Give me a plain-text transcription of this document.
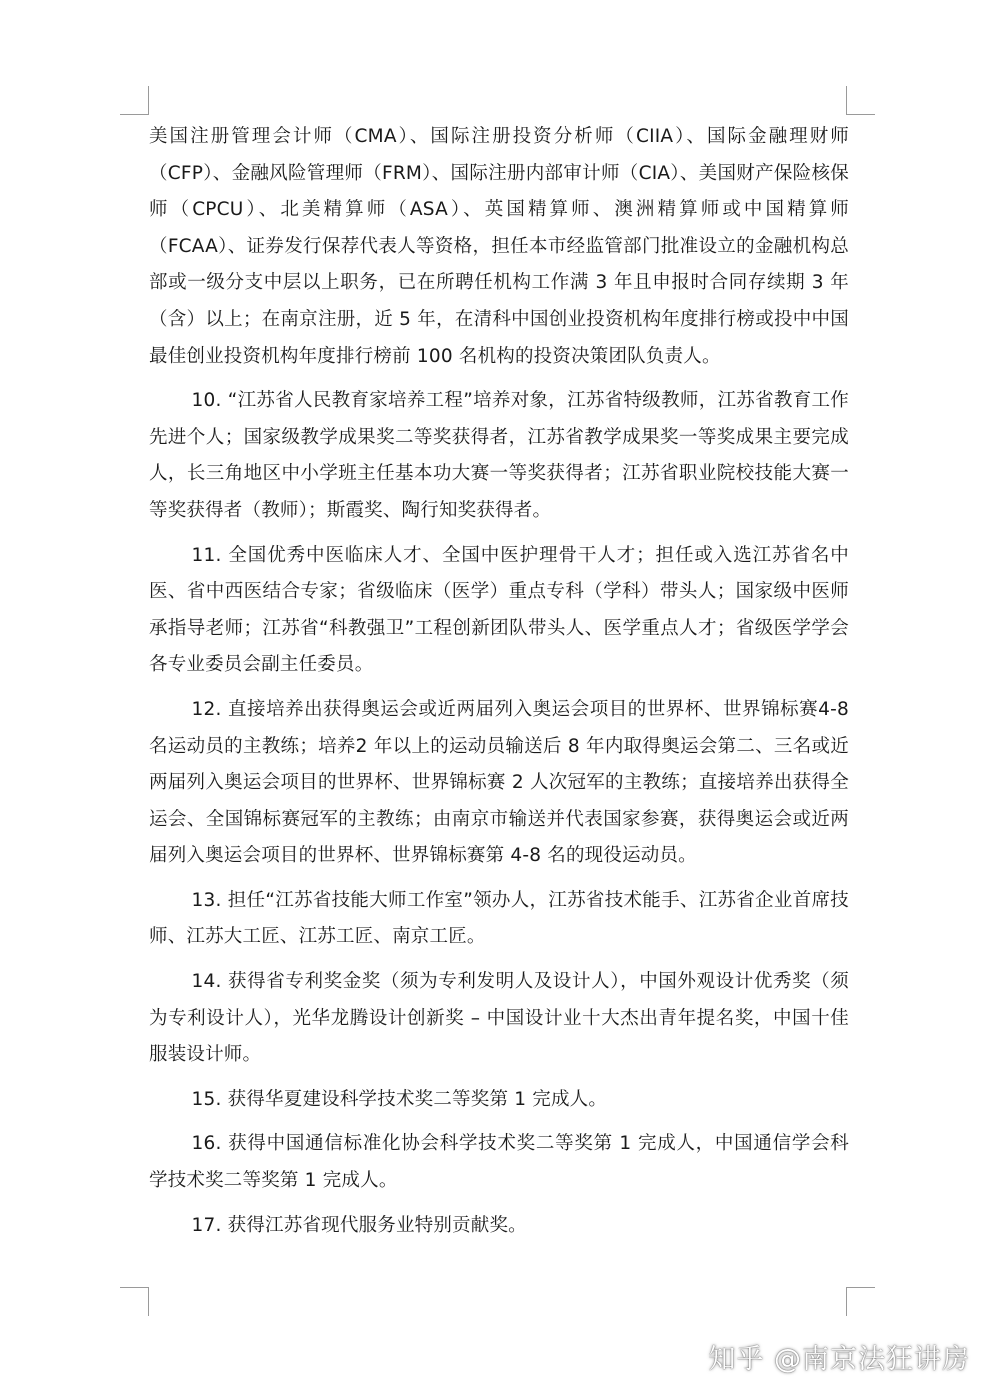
美国注册管理会计师（CMA）、国际注册投资分析师（CIIA）、国际金融理财师（CFP）、金融风险管理师（FRM）、国际注册内部审计师（CIA）、美国财产保险核保师（CPCU）、北美精算师（ASA）、英国精算师、澳洲精算师或中国精算师（FCAA）、证券发行保荐代表人等资格，担任本市经监管部门批准设立的金融机构总部或一级分支中层以上职务，已在所聘任机构工作满 3 年且申报时合同存续期 3 年（含）以上；在南京注册，近 5 年，在清科中国创业投资机构年度排行榜或投中中国最佳创业投资机构年度排行榜前 100 名机构的投资决策团队负责人。

10. “江苏省人民教育家培养工程”培养对象，江苏省特级教师，江苏省教育工作先进个人；国家级教学成果奖二等奖获得者，江苏省教学成果奖一等奖成果主要完成人，长三角地区中小学班主任基本功大赛一等奖获得者；江苏省职业院校技能大赛一等奖获得者（教师）；斯霞奖、陶行知奖获得者。

11. 全国优秀中医临床人才、全国中医护理骨干人才；担任或入选江苏省名中医、省中西医结合专家；省级临床（医学）重点专科（学科）带头人；国家级中医师承指导老师；江苏省“科教强卫”工程创新团队带头人、医学重点人才；省级医学学会各专业委员会副主任委员。

12. 直接培养出获得奥运会或近两届列入奥运会项目的世界杯、世界锦标赛4-8 名运动员的主教练；培养2 年以上的运动员输送后 8 年内取得奥运会第二、三名或近两届列入奥运会项目的世界杯、世界锦标赛 2 人次冠军的主教练；直接培养出获得全运会、全国锦标赛冠军的主教练；由南京市输送并代表国家参赛，获得奥运会或近两届列入奥运会项目的世界杯、世界锦标赛第 4-8 名的现役运动员。

13. 担任“江苏省技能大师工作室”领办人，江苏省技术能手、江苏省企业首席技师、江苏大工匠、江苏工匠、南京工匠。

14. 获得省专利奖金奖（须为专利发明人及设计人），中国外观设计优秀奖（须为专利设计人），光华龙腾设计创新奖 – 中国设计业十大杰出青年提名奖，中国十佳服装设计师。

15. 获得华夏建设科学技术奖二等奖第 1 完成人。

16. 获得中国通信标准化协会科学技术奖二等奖第 1 完成人，中国通信学会科学技术奖二等奖第 1 完成人。

17. 获得江苏省现代服务业特别贡献奖。

知乎 @南京法狂讲房
